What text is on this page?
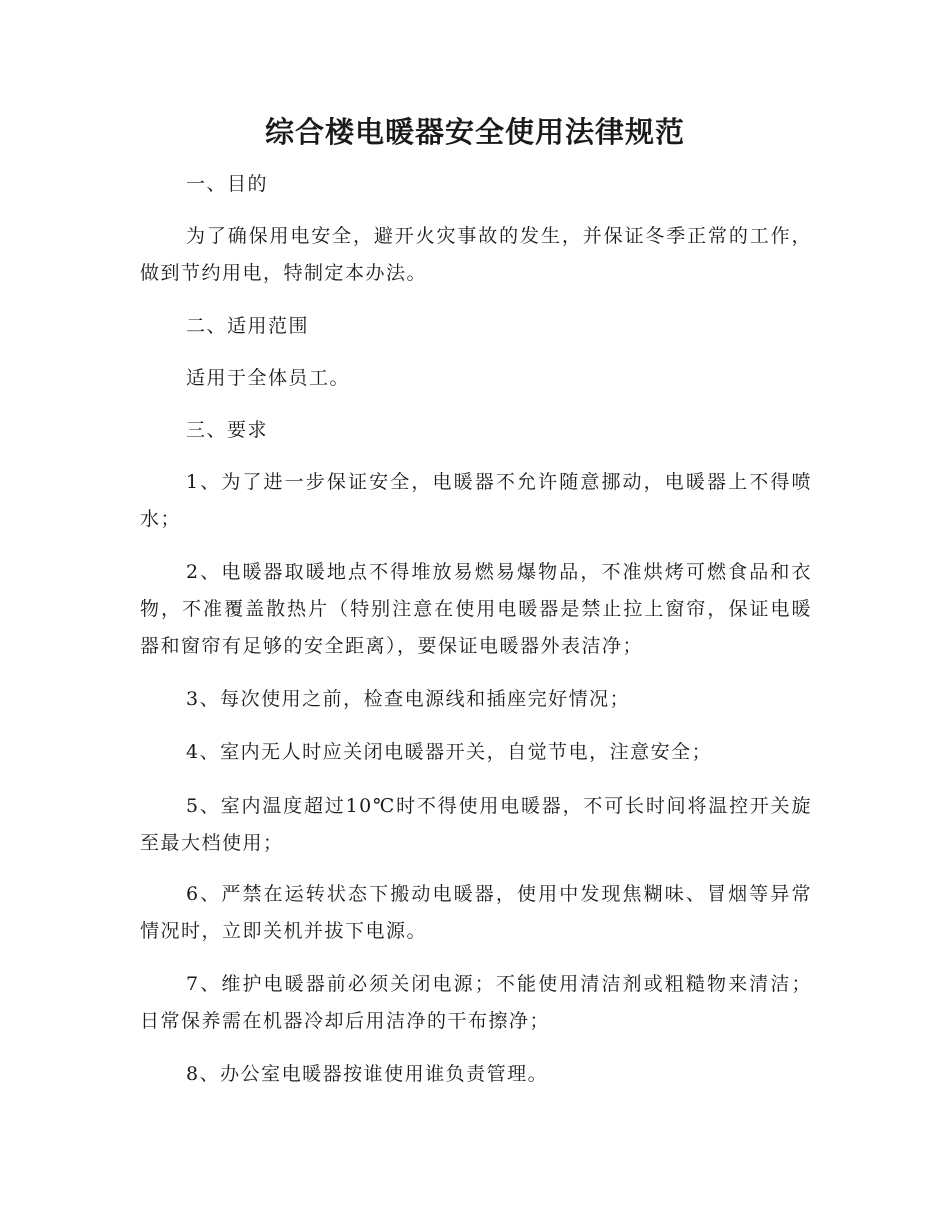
综合楼电暖器安全使用法律规范

一、目的

为了确保用电安全，避开火灾事故的发生，并保证冬季正常的工作，做到节约用电，特制定本办法。

二、适用范围

适用于全体员工。

三、要求

1、为了进一步保证安全，电暖器不允许随意挪动，电暖器上不得喷水；

2、电暖器取暖地点不得堆放易燃易爆物品，不准烘烤可燃食品和衣物，不准覆盖散热片（特别注意在使用电暖器是禁止拉上窗帘，保证电暖器和窗帘有足够的安全距离），要保证电暖器外表洁净；

3、每次使用之前，检查电源线和插座完好情况；

4、室内无人时应关闭电暖器开关，自觉节电，注意安全；

5、室内温度超过10℃时不得使用电暖器，不可长时间将温控开关旋至最大档使用；

6、严禁在运转状态下搬动电暖器，使用中发现焦糊味、冒烟等异常情况时，立即关机并拔下电源。

7、维护电暖器前必须关闭电源；不能使用清洁剂或粗糙物来清洁；日常保养需在机器冷却后用洁净的干布擦净；

8、办公室电暖器按谁使用谁负责管理。
